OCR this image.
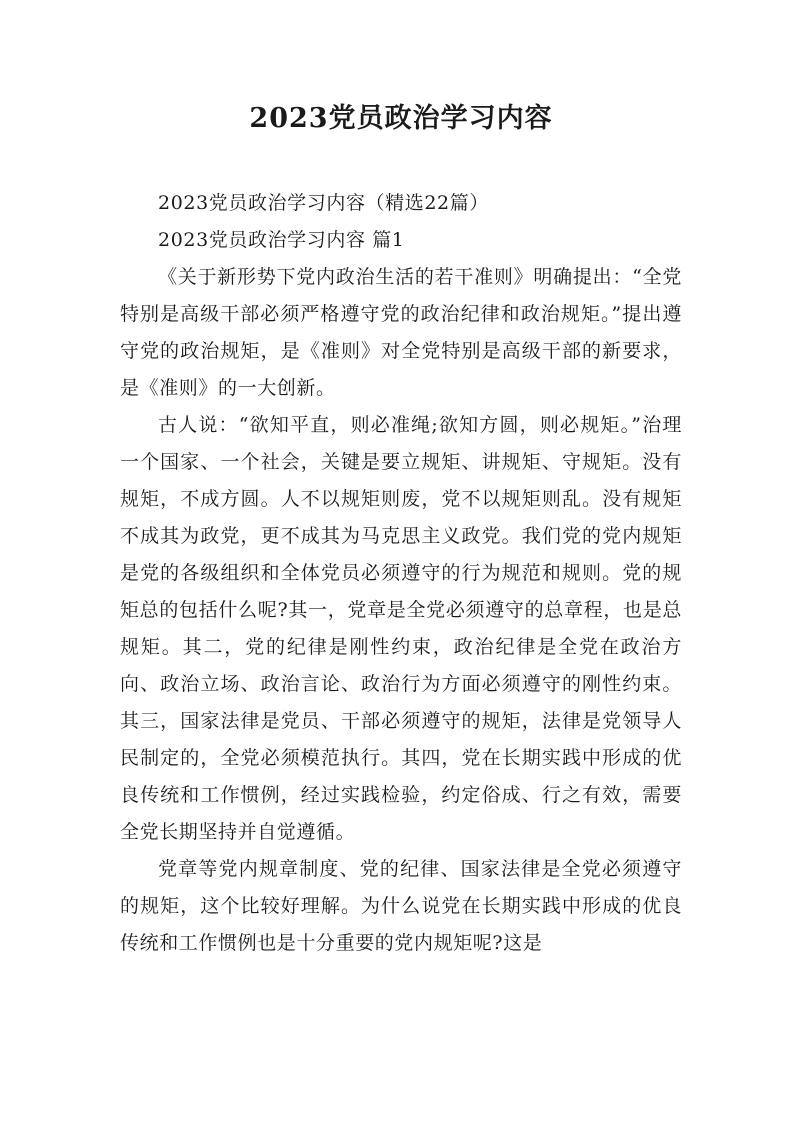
2023党员政治学习内容

2023党员政治学习内容（精选22篇）

2023党员政治学习内容 篇1

《关于新形势下党内政治生活的若干准则》明确提出：“全党特别是高级干部必须严格遵守党的政治纪律和政治规矩。”提出遵守党的政治规矩，是《准则》对全党特别是高级干部的新要求，是《准则》的一大创新。

古人说：“欲知平直，则必准绳;欲知方圆，则必规矩。”治理一个国家、一个社会，关键是要立规矩、讲规矩、守规矩。没有规矩，不成方圆。人不以规矩则废，党不以规矩则乱。没有规矩不成其为政党，更不成其为马克思主义政党。我们党的党内规矩是党的各级组织和全体党员必须遵守的行为规范和规则。党的规矩总的包括什么呢?其一，党章是全党必须遵守的总章程，也是总规矩。其二，党的纪律是刚性约束，政治纪律是全党在政治方向、政治立场、政治言论、政治行为方面必须遵守的刚性约束。其三，国家法律是党员、干部必须遵守的规矩，法律是党领导人民制定的，全党必须模范执行。其四，党在长期实践中形成的优良传统和工作惯例，经过实践检验，约定俗成、行之有效，需要全党长期坚持并自觉遵循。

党章等党内规章制度、党的纪律、国家法律是全党必须遵守的规矩，这个比较好理解。为什么说党在长期实践中形成的优良传统和工作惯例也是十分重要的党内规矩呢?这是
